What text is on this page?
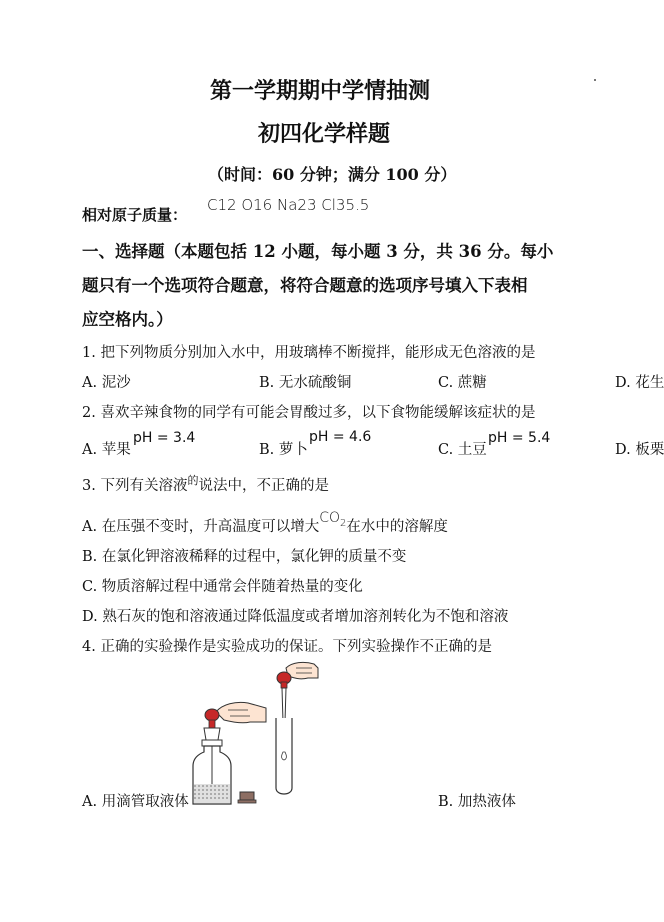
第一学期期中学情抽测
初四化学样题
（时间：60 分钟；满分 100 分）
相对原子质量：
C12 O16 Na23 Cl35.5
一、选择题（本题包括 12 小题，每小题 3 分，共 36 分。每小
题只有一个选项符合题意，将符合题意的选项序号填入下表相
应空格内。）
1. 把下列物质分别加入水中，用玻璃棒不断搅拌，能形成无色溶液的是
A. 泥沙	B. 无水硫酸铜	C. 蔗糖	D. 花生
2. 喜欢辛辣食物的同学有可能会胃酸过多，以下食物能缓解该症状的是
A. 苹果
pH = 3.4
B. 萝卜
pH = 4.6
C. 土豆
pH = 5.4
D. 板栗
3. 下列有关溶液$^的$说法中，不正确的是
A. 在压强不变时，升高温度可以增大$CO_2$在水中的溶解度
B. 在氯化钾溶液稀释的过程中，氯化钾的质量不变
C. 物质溶解过程中通常会伴随着热量的变化
D. 熟石灰的饱和溶液通过降低温度或者增加溶剂转化为不饱和溶液
4. 正确的实验操作是实验成功的保证。下列实验操作不正确的是
A. 用滴管取液体	B. 加热液体
